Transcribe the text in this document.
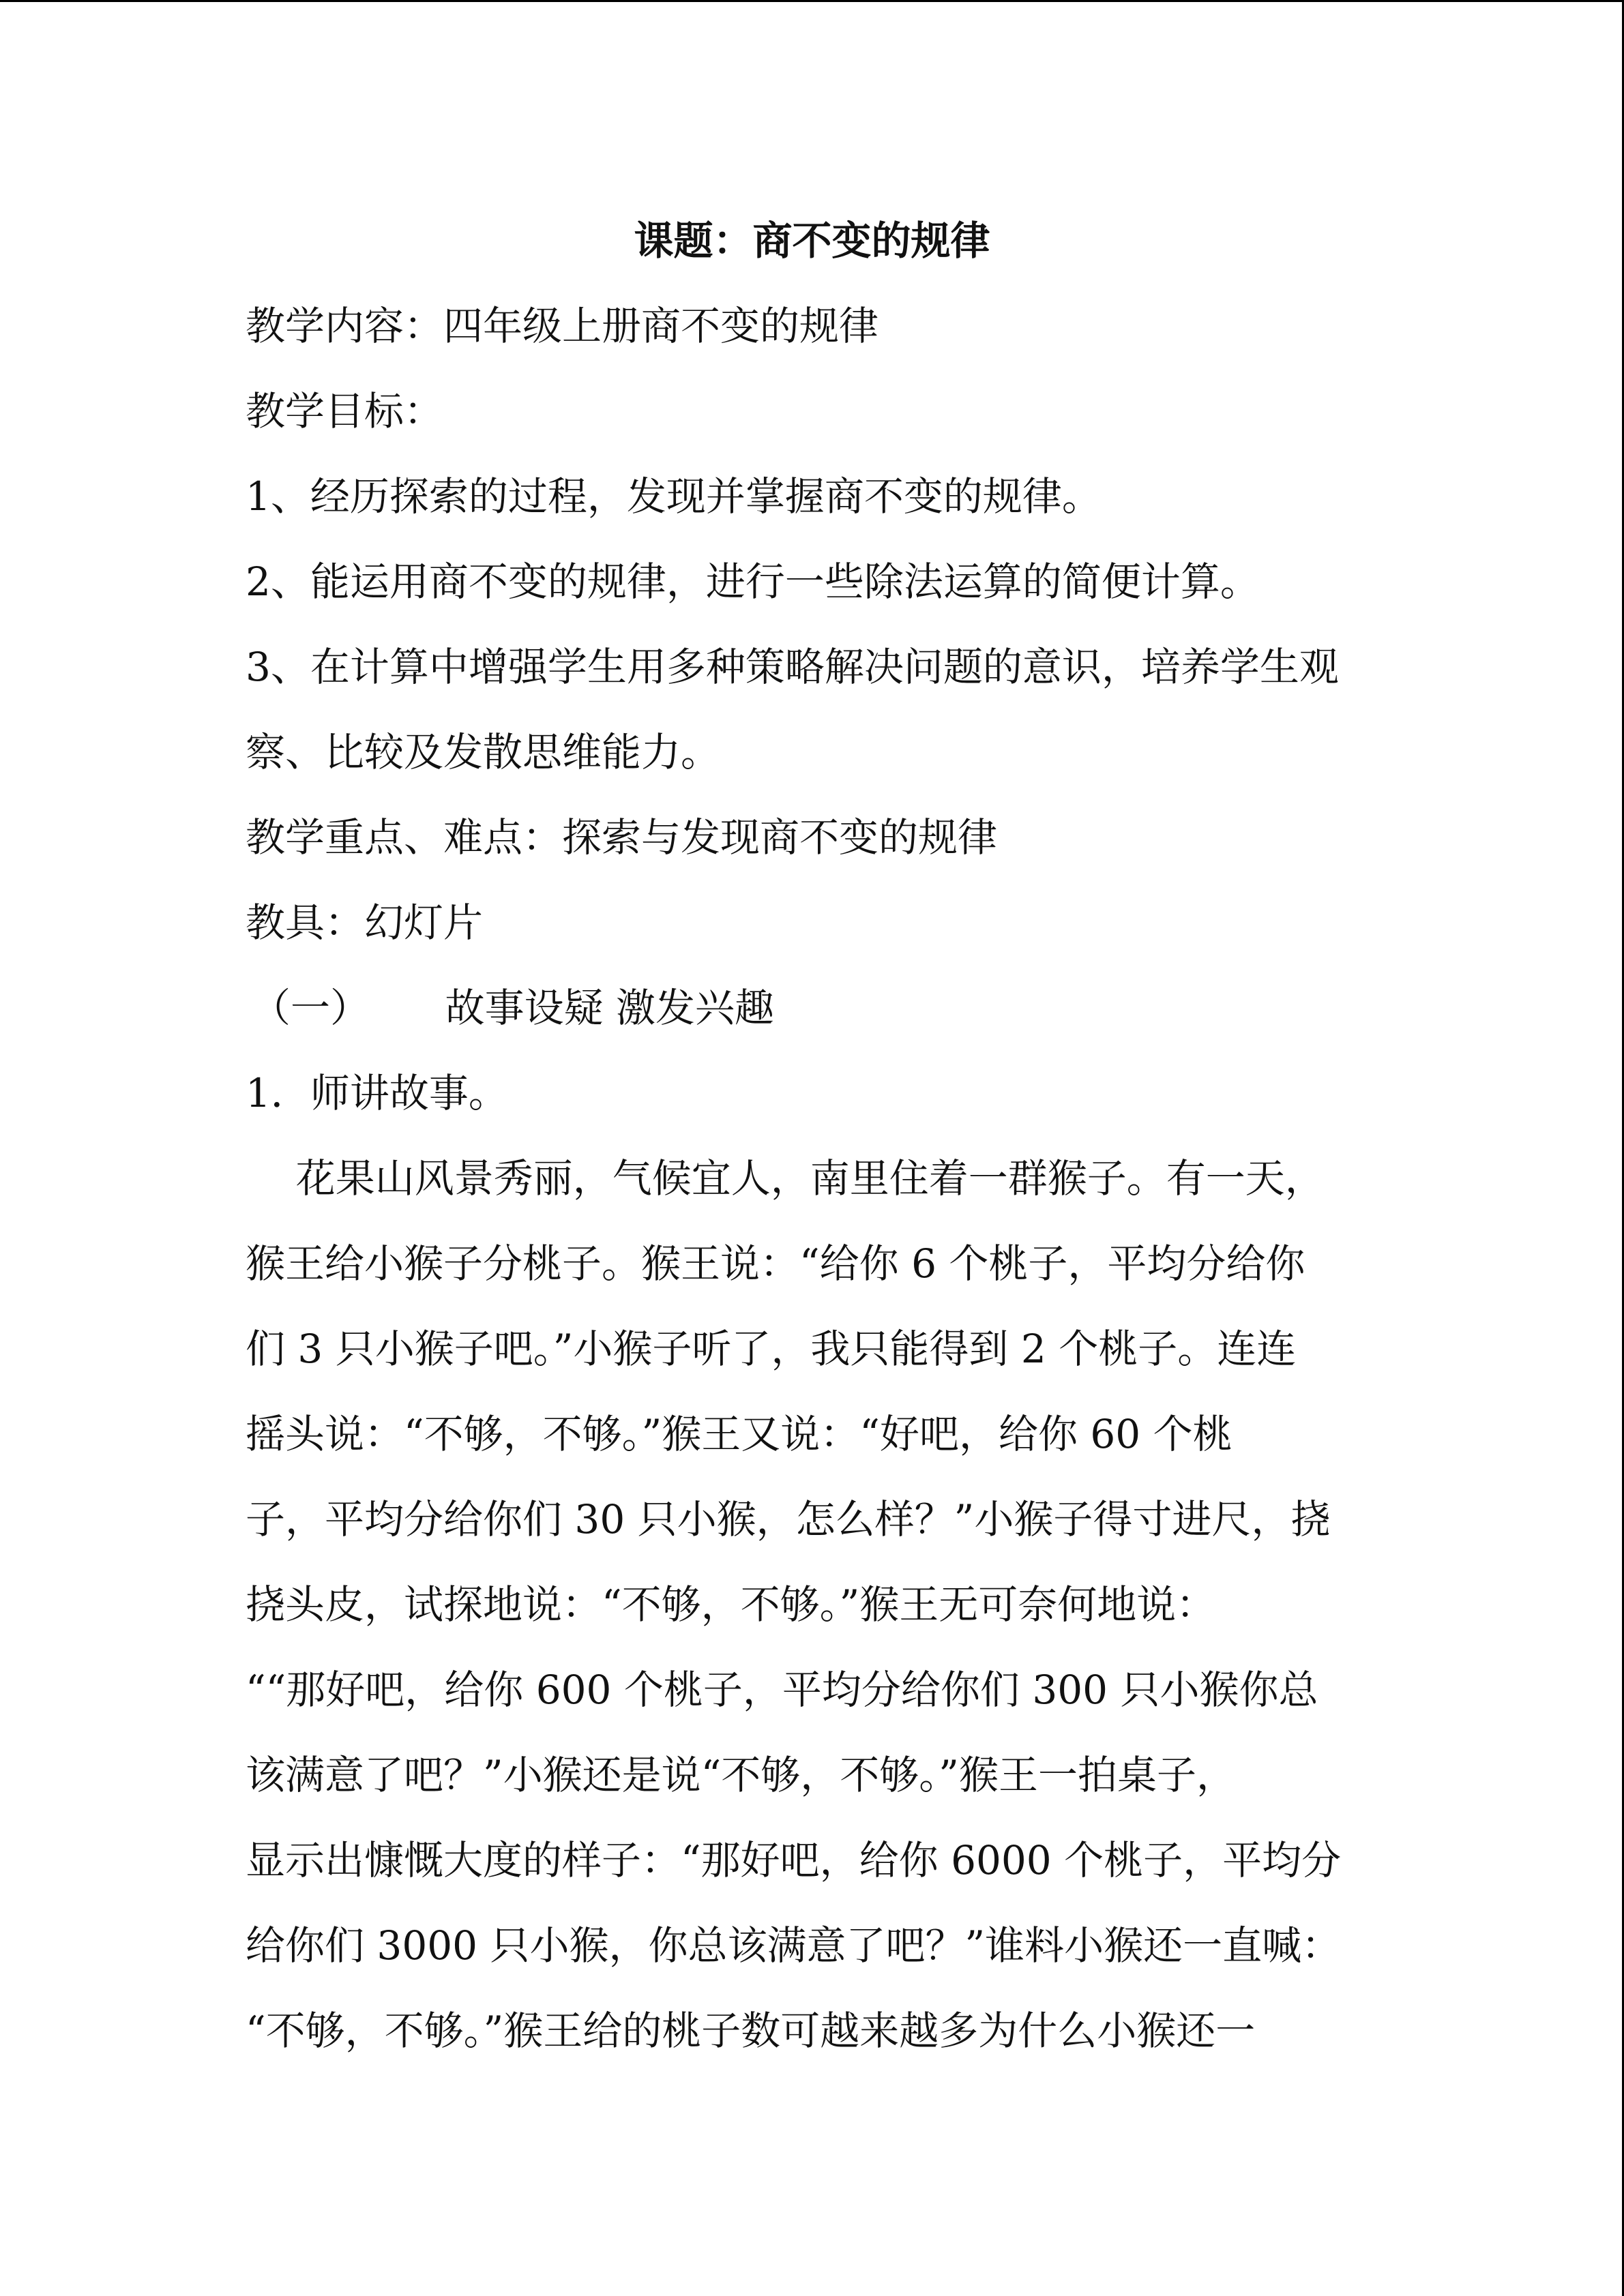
课题：商不变的规律
教学内容：四年级上册商不变的规律
教学目标：
1、经历探索的过程，发现并掌握商不变的规律。
2、能运用商不变的规律，进行一些除法运算的简便计算。
3、在计算中增强学生用多种策略解决问题的意识，培养学生观
察、比较及发散思维能力。
教学重点、难点：探索与发现商不变的规律
教具：幻灯片
（一）      故事设疑 激发兴趣
1．师讲故事。
花果山风景秀丽，气候宜人，南里住着一群猴子。有一天，
猴王给小猴子分桃子。猴王说：“给你 6 个桃子，平均分给你
们 3 只小猴子吧。”小猴子听了，我只能得到 2 个桃子。连连
摇头说：“不够，不够。”猴王又说：“好吧，给你 60 个桃
子，平均分给你们 30 只小猴，怎么样？”小猴子得寸进尺，挠
挠头皮，试探地说：“不够，不够。”猴王无可奈何地说：
““那好吧，给你 600 个桃子，平均分给你们 300 只小猴你总
该满意了吧？”小猴还是说“不够，不够。”猴王一拍桌子，
显示出慷慨大度的样子：“那好吧，给你 6000 个桃子，平均分
给你们 3000 只小猴，你总该满意了吧？”谁料小猴还一直喊：
“不够，不够。”猴王给的桃子数可越来越多为什么小猴还一
